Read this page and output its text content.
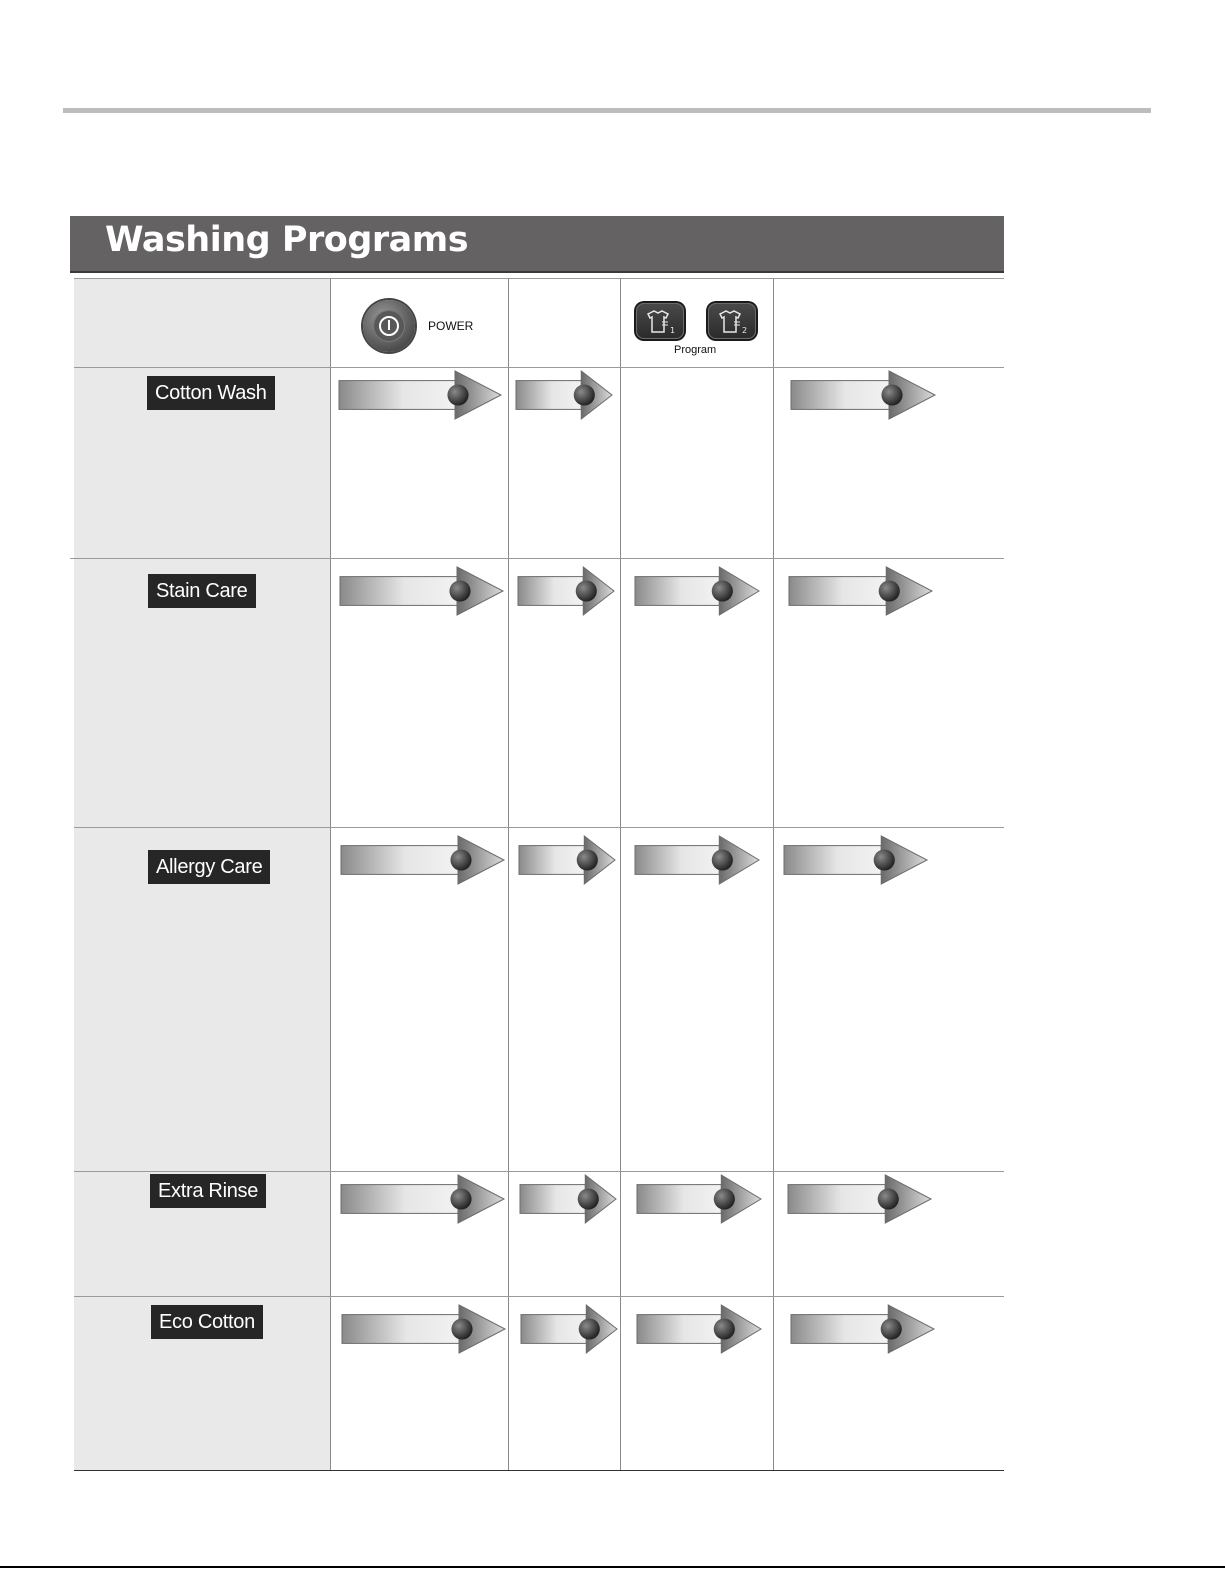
Washing Programs
POWER	1	2
Program
Cotton Wash
Stain Care
Allergy Care
Extra Rinse
Eco Cotton
